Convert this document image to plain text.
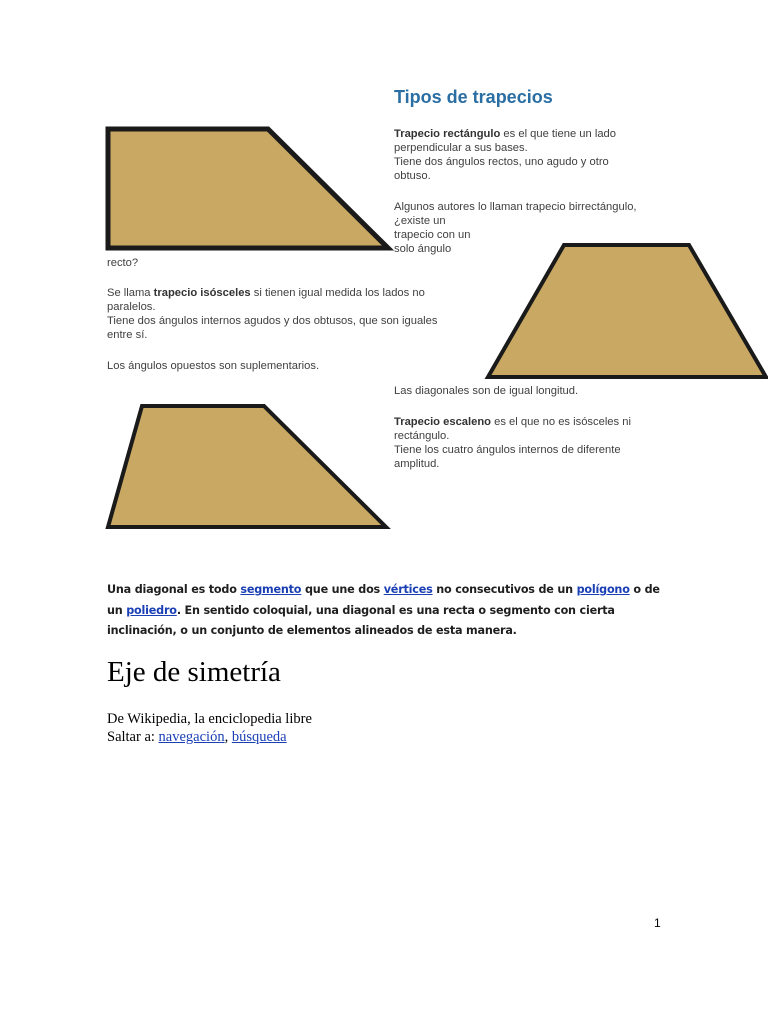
Tipos de trapecios

Trapecio rectángulo es el que tiene un lado

perpendicular a sus bases.

Tiene dos ángulos rectos, uno agudo y otro

obtuso.

Algunos autores lo llaman trapecio birrectángulo,

¿existe un

trapecio con un

solo ángulo

recto?

Se llama trapecio isósceles si tienen igual medida los lados no

paralelos.

Tiene dos ángulos internos agudos y dos obtusos, que son iguales

entre sí.

Los ángulos opuestos son suplementarios.

Las diagonales son de igual longitud.

Trapecio escaleno es el que no es isósceles ni

rectángulo.

Tiene los cuatro ángulos internos de diferente

amplitud.

Una diagonal es todo segmento que une dos vértices no consecutivos de un polígono o de un poliedro. En sentido coloquial, una diagonal es una recta o segmento con cierta inclinación, o un conjunto de elementos alineados de esta manera.

Eje de simetría

De Wikipedia, la enciclopedia libre

Saltar a: navegación, búsqueda

1
